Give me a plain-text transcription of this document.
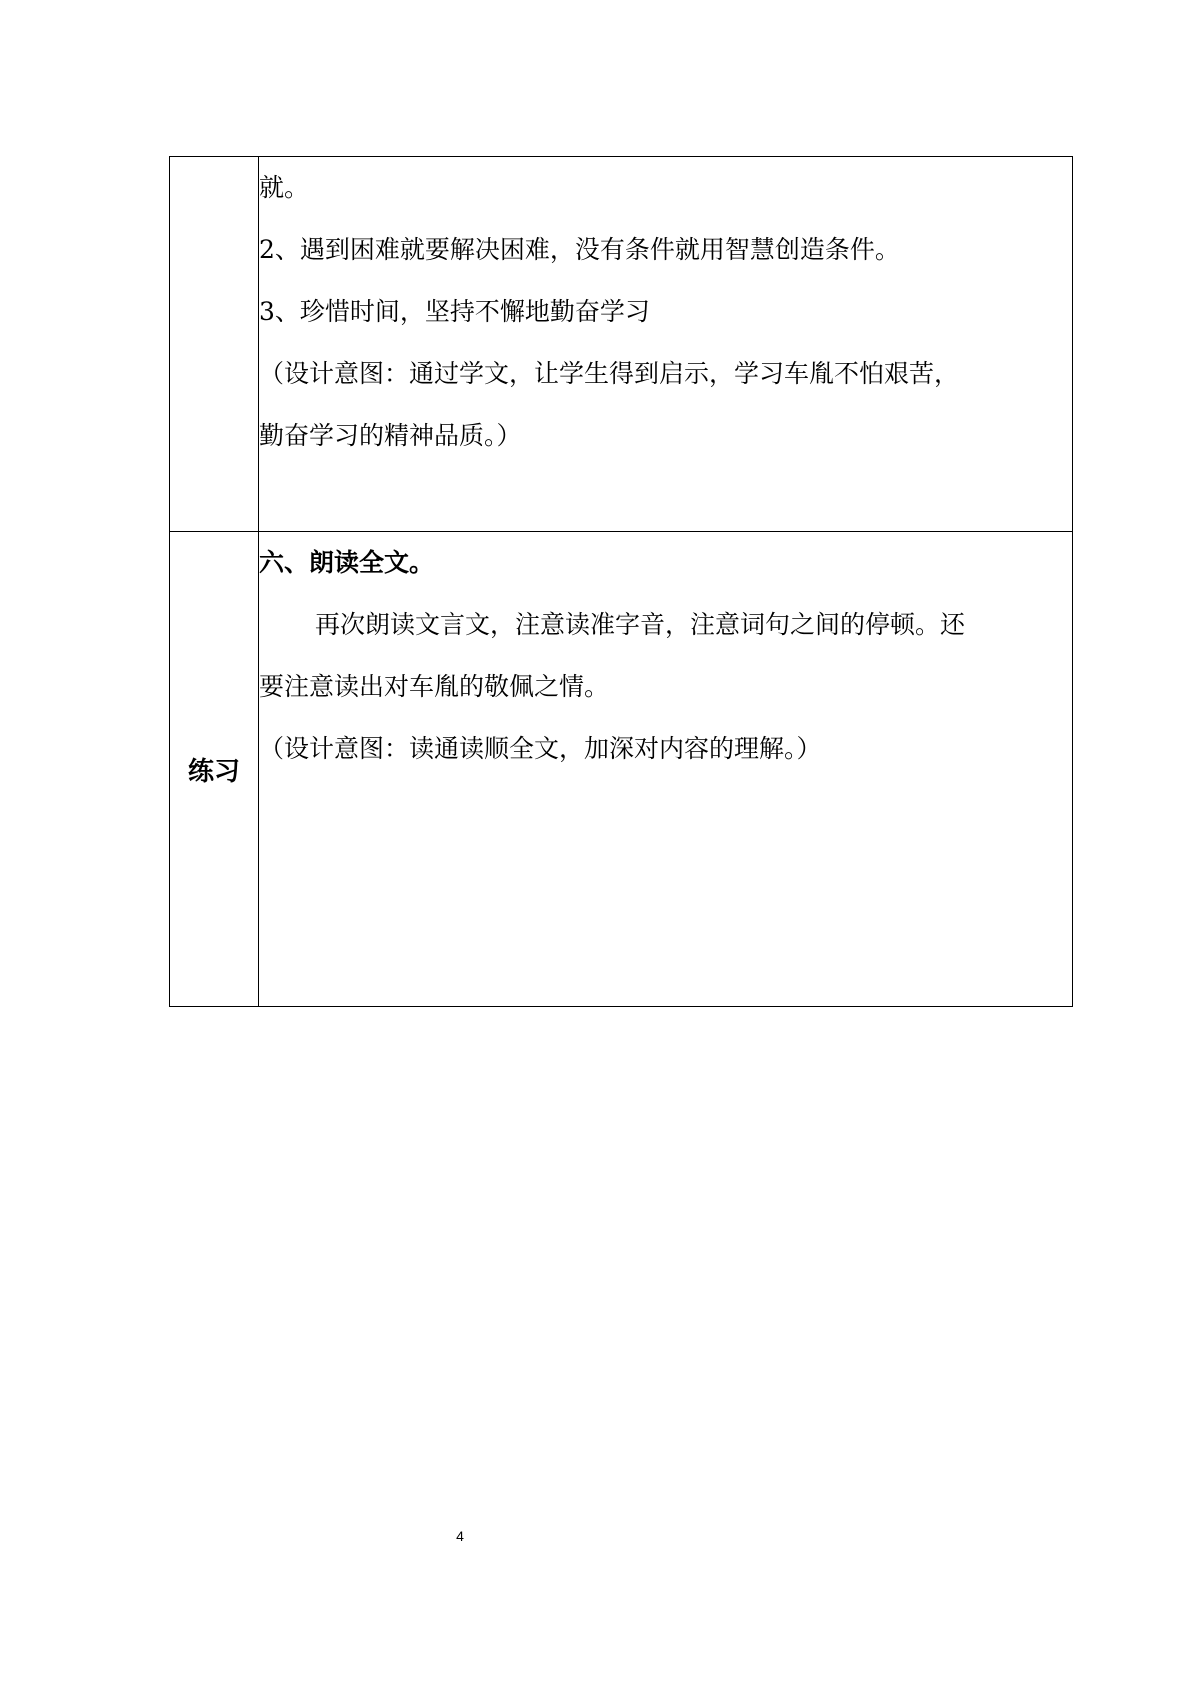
	就。
2、遇到困难就要解决困难，没有条件就用智慧创造条件。
3、珍惜时间，坚持不懈地勤奋学习
（设计意图：通过学文，让学生得到启示，学习车胤不怕艰苦，
勤奋学习的精神品质。）

练习	六、朗读全文。
再次朗读文言文，注意读准字音，注意词句之间的停顿。还
要注意读出对车胤的敬佩之情。
（设计意图：读通读顺全文，加深对内容的理解。）
4
